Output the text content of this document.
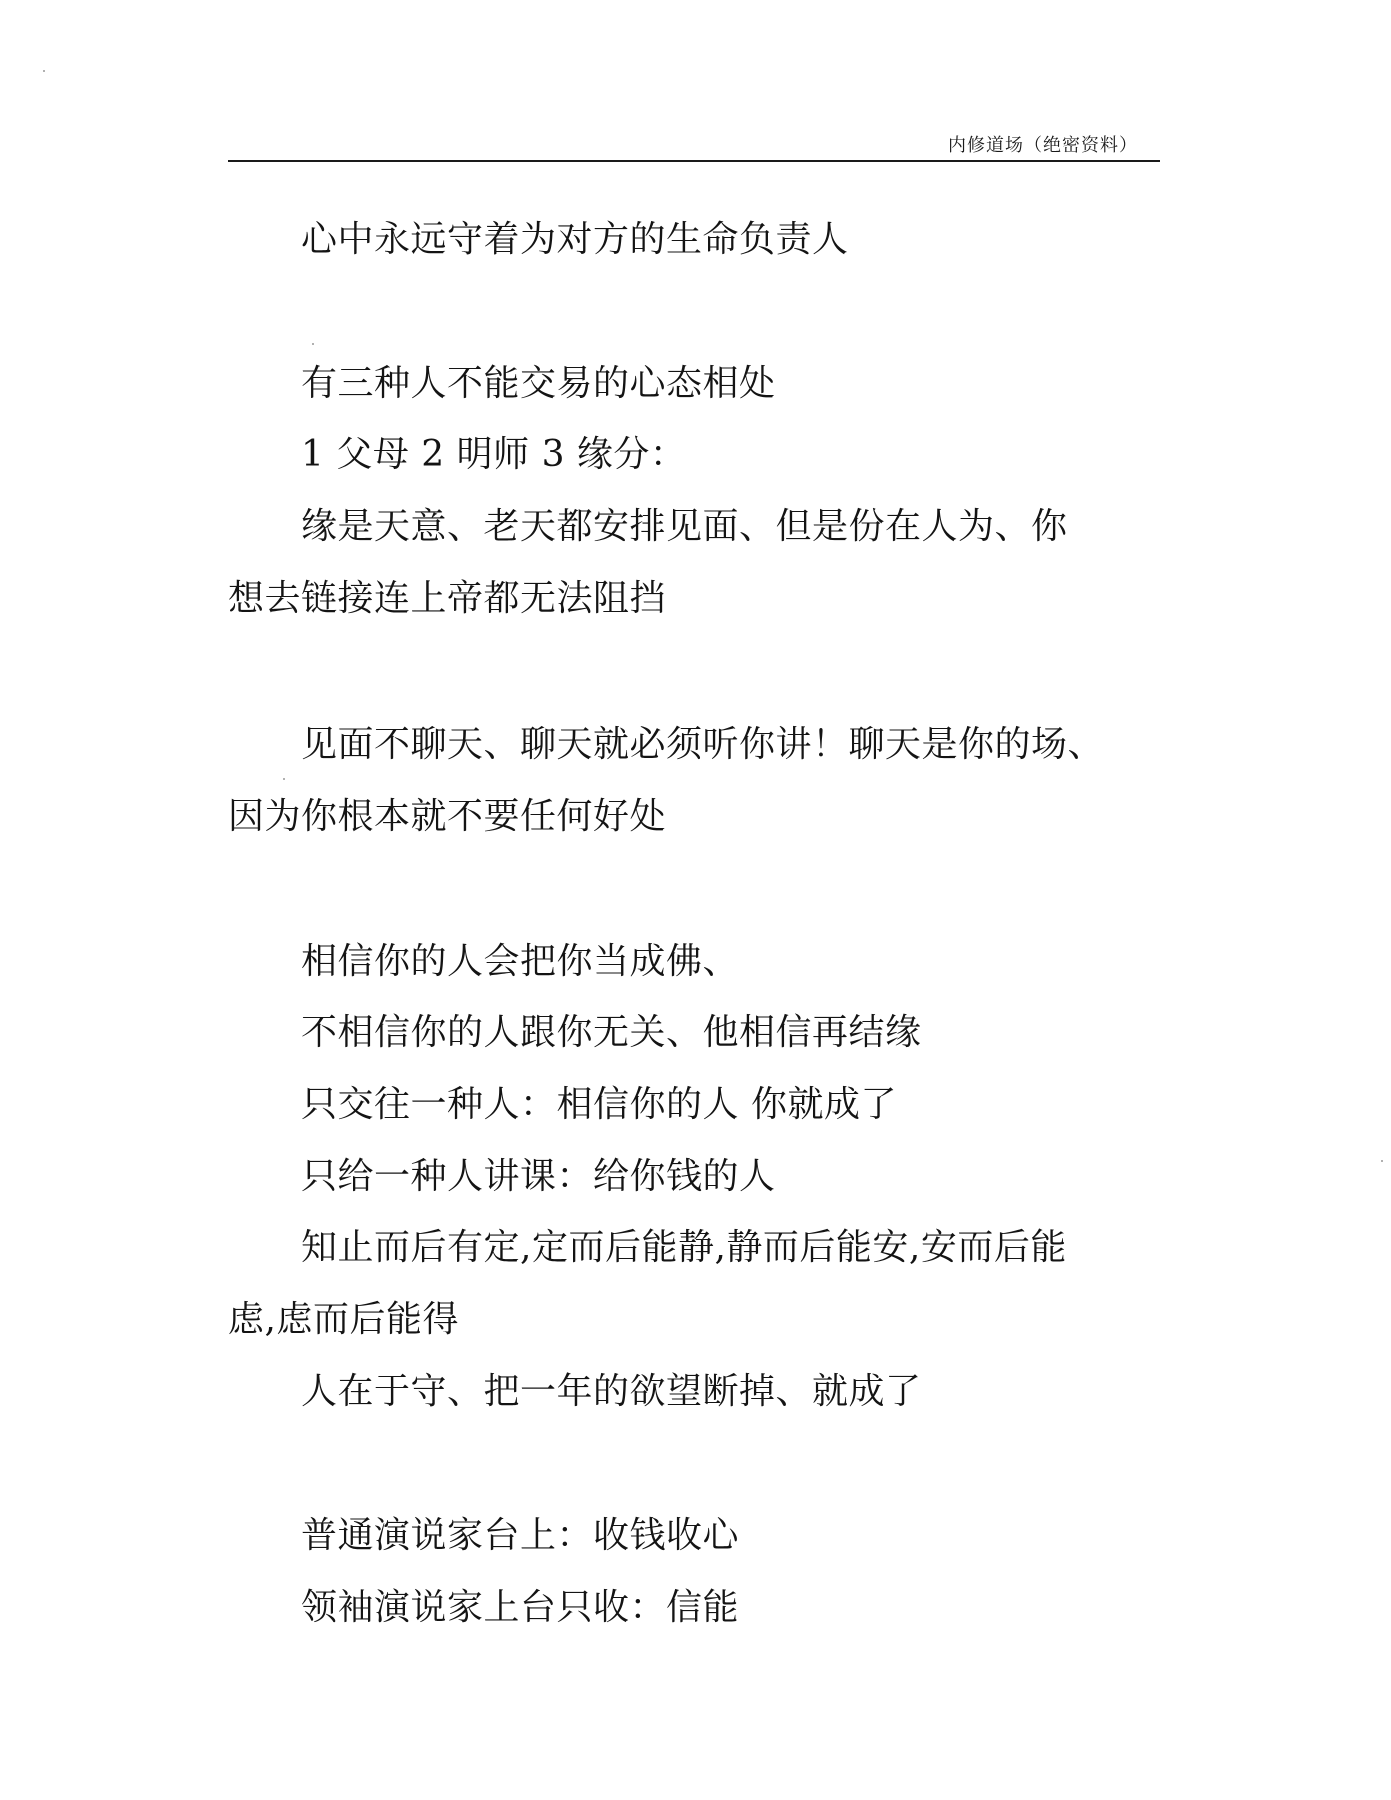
内修道场（绝密资料）
心中永远守着为对方的生命负责人
有三种人不能交易的心态相处
1 父母 2 明师 3 缘分：
缘是天意、老天都安排见面、但是份在人为、你
想去链接连上帝都无法阻挡
见面不聊天、聊天就必须听你讲！聊天是你的场、
因为你根本就不要任何好处
相信你的人会把你当成佛、
不相信你的人跟你无关、他相信再结缘
只交往一种人：相信你的人 你就成了
只给一种人讲课：给你钱的人
知止而后有定,定而后能静,静而后能安,安而后能
虑,虑而后能得
人在于守、把一年的欲望断掉、就成了
普通演说家台上：收钱收心
领袖演说家上台只收：信能
